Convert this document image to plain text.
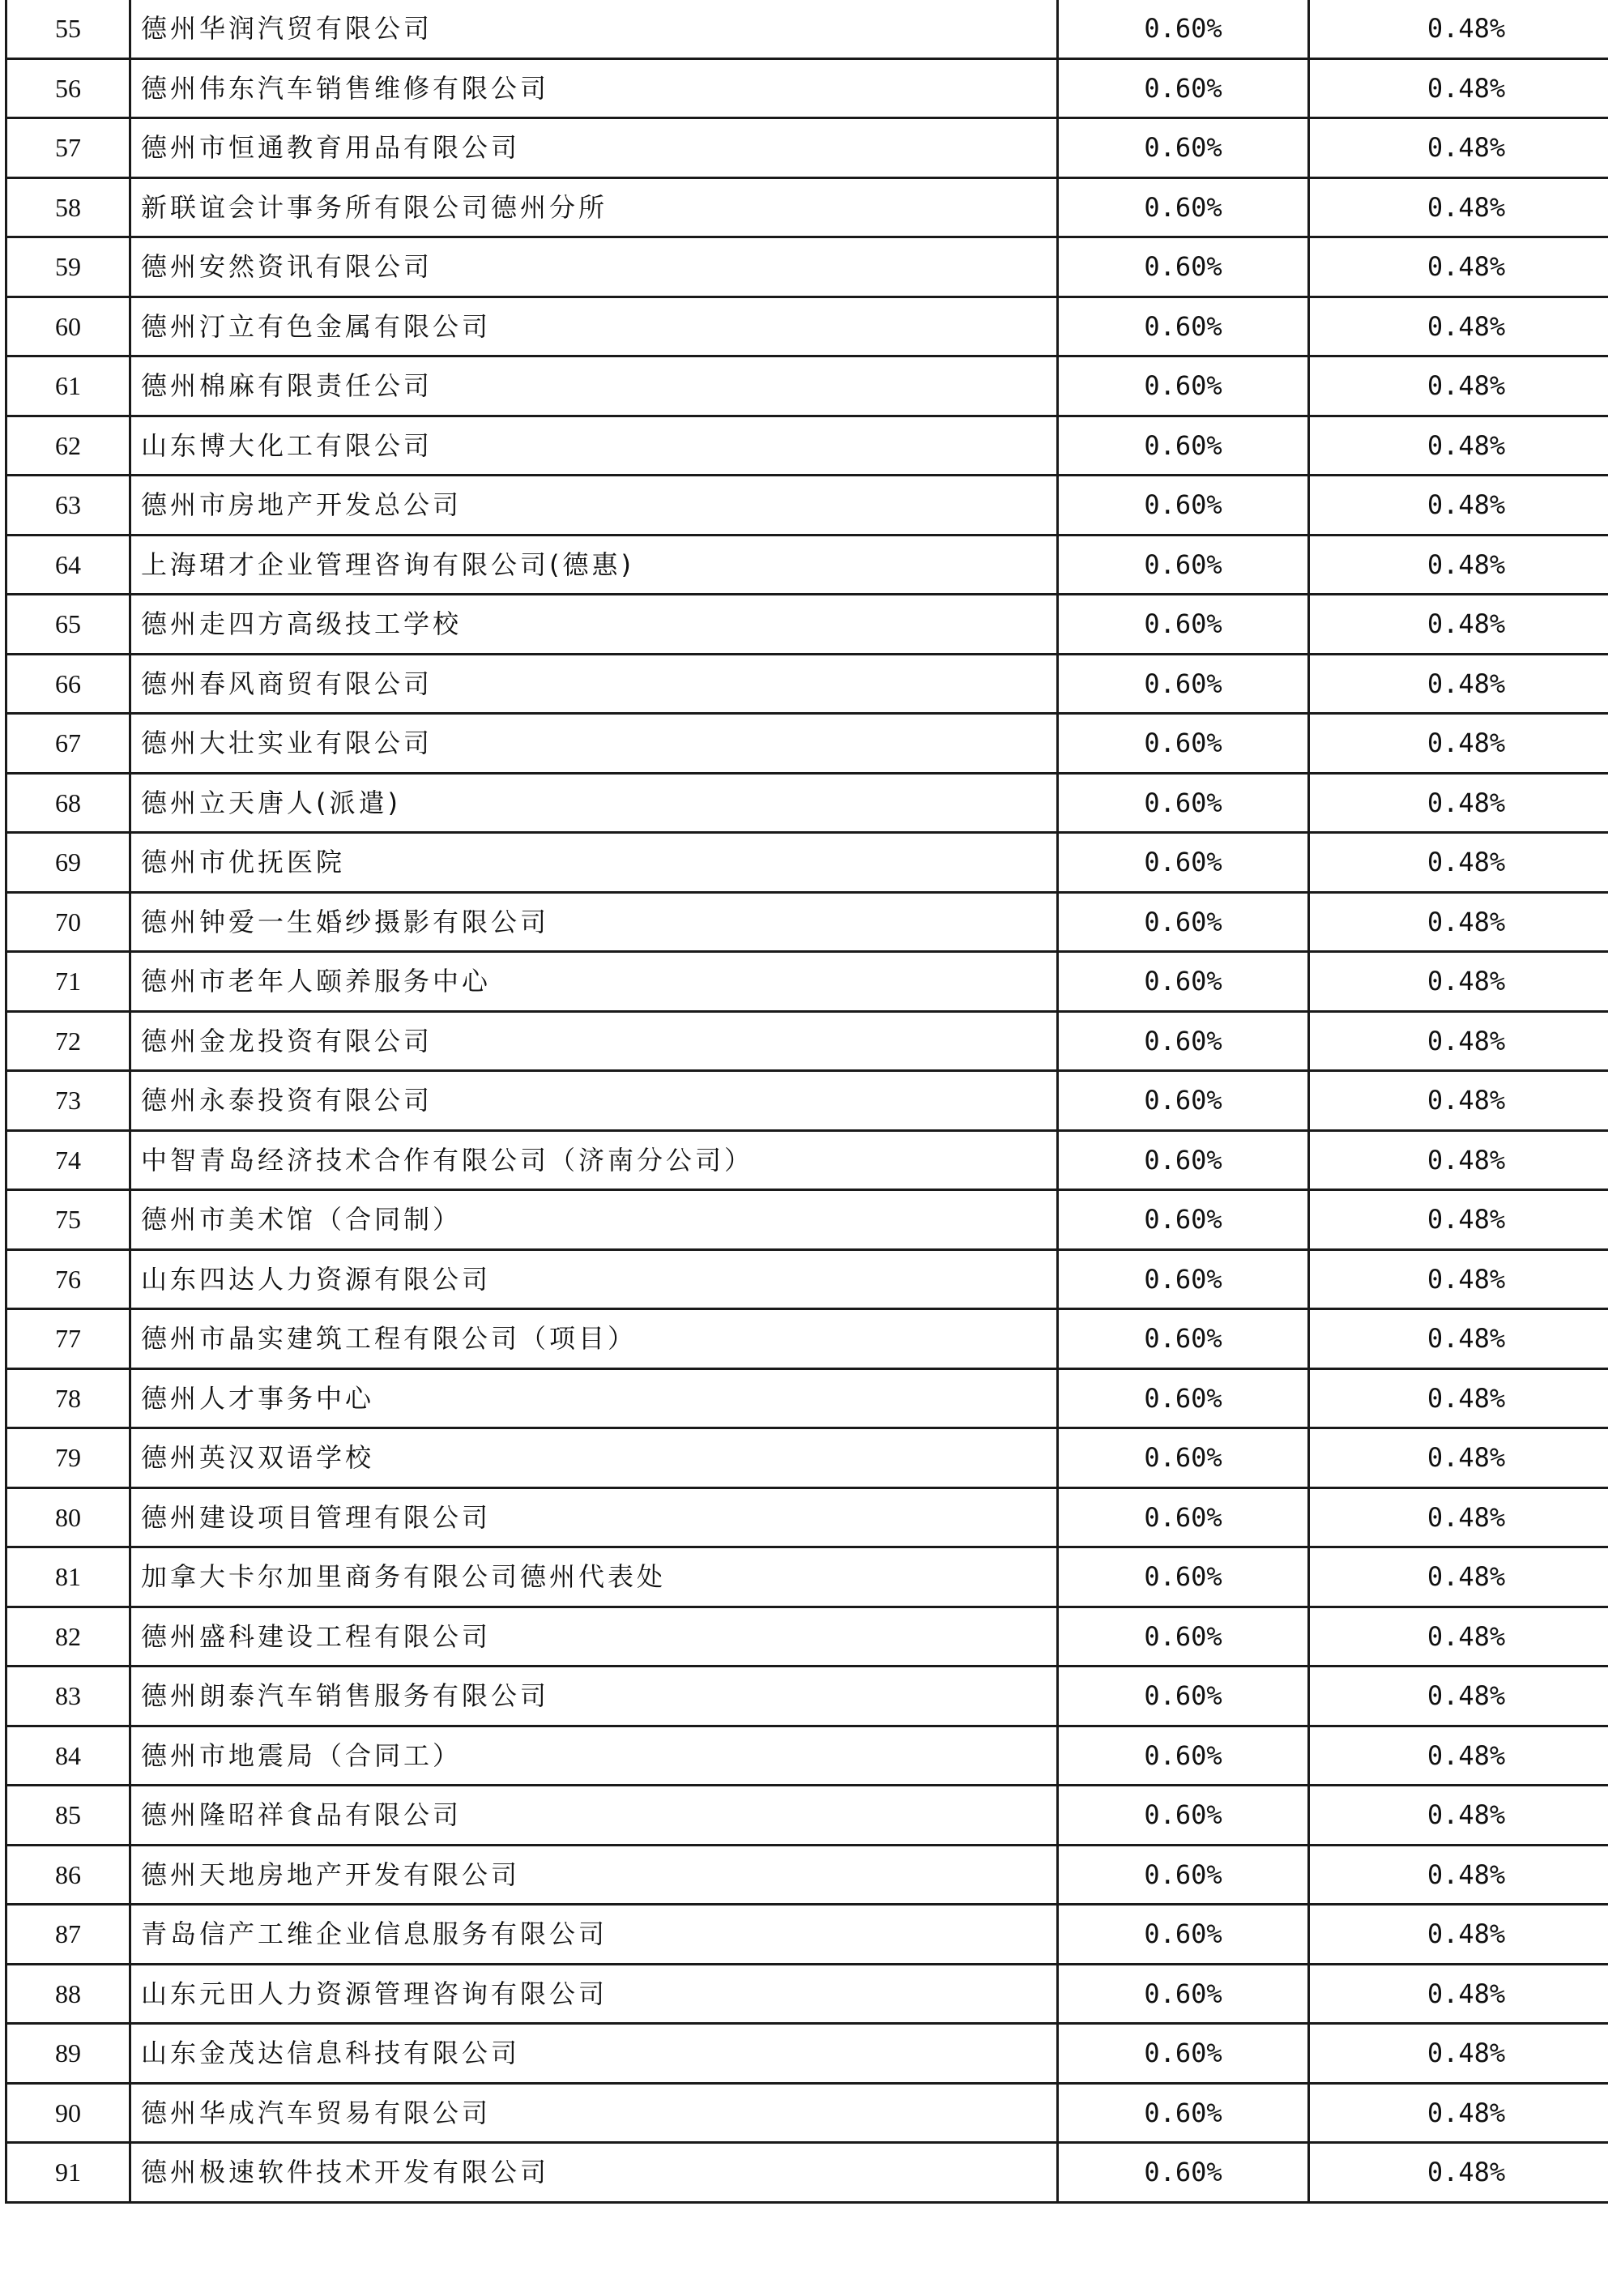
55	德州华润汽贸有限公司	0.60%	0.48%
56	德州伟东汽车销售维修有限公司	0.60%	0.48%
57	德州市恒通教育用品有限公司	0.60%	0.48%
58	新联谊会计事务所有限公司德州分所	0.60%	0.48%
59	德州安然资讯有限公司	0.60%	0.48%
60	德州汀立有色金属有限公司	0.60%	0.48%
61	德州棉麻有限责任公司	0.60%	0.48%
62	山东博大化工有限公司	0.60%	0.48%
63	德州市房地产开发总公司	0.60%	0.48%
64	上海珺才企业管理咨询有限公司(德惠)	0.60%	0.48%
65	德州走四方高级技工学校	0.60%	0.48%
66	德州春风商贸有限公司	0.60%	0.48%
67	德州大壮实业有限公司	0.60%	0.48%
68	德州立天唐人(派遣)	0.60%	0.48%
69	德州市优抚医院	0.60%	0.48%
70	德州钟爱一生婚纱摄影有限公司	0.60%	0.48%
71	德州市老年人颐养服务中心	0.60%	0.48%
72	德州金龙投资有限公司	0.60%	0.48%
73	德州永泰投资有限公司	0.60%	0.48%
74	中智青岛经济技术合作有限公司（济南分公司）	0.60%	0.48%
75	德州市美术馆（合同制）	0.60%	0.48%
76	山东四达人力资源有限公司	0.60%	0.48%
77	德州市晶实建筑工程有限公司（项目）	0.60%	0.48%
78	德州人才事务中心	0.60%	0.48%
79	德州英汉双语学校	0.60%	0.48%
80	德州建设项目管理有限公司	0.60%	0.48%
81	加拿大卡尔加里商务有限公司德州代表处	0.60%	0.48%
82	德州盛科建设工程有限公司	0.60%	0.48%
83	德州朗泰汽车销售服务有限公司	0.60%	0.48%
84	德州市地震局（合同工）	0.60%	0.48%
85	德州隆昭祥食品有限公司	0.60%	0.48%
86	德州天地房地产开发有限公司	0.60%	0.48%
87	青岛信产工维企业信息服务有限公司	0.60%	0.48%
88	山东元田人力资源管理咨询有限公司	0.60%	0.48%
89	山东金茂达信息科技有限公司	0.60%	0.48%
90	德州华成汽车贸易有限公司	0.60%	0.48%
91	德州极速软件技术开发有限公司	0.60%	0.48%
